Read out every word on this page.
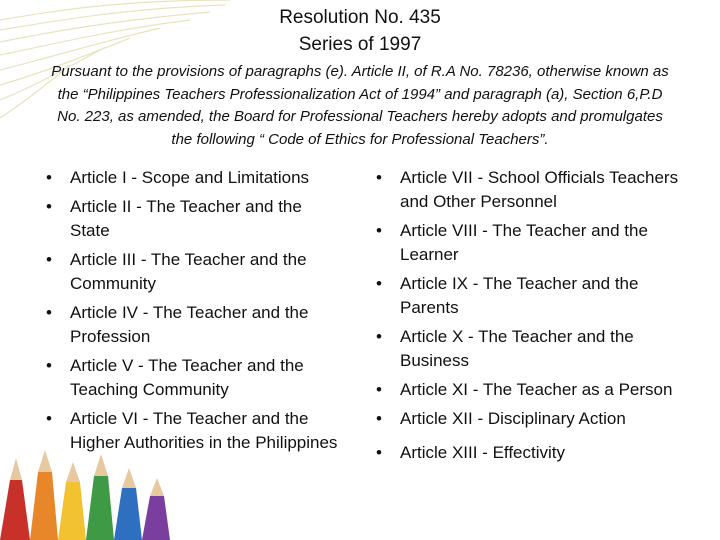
Resolution No. 435
Series of 1997
Pursuant to the provisions of paragraphs (e). Article II, of R.A No. 78236, otherwise known as the “Philippines Teachers Professionalization Act of 1994” and paragraph (a), Section 6,P.D No. 223, as amended, the Board for Professional Teachers hereby adopts and promulgates the following “ Code of Ethics for Professional Teachers”.
• Article I - Scope and Limitations
• Article II - The Teacher and the State
• Article III - The Teacher and the Community
• Article IV - The Teacher and the Profession
• Article V - The Teacher and the Teaching Community
• Article VI - The Teacher and the Higher Authorities in the Philippines
• Article VII - School Officials Teachers and Other Personnel
• Article VIII - The Teacher and the Learner
• Article IX - The Teacher and the Parents
• Article X - The Teacher and the Business
• Article XI - The Teacher as a Person
• Article XII - Disciplinary Action
• Article XIII - Effectivity
